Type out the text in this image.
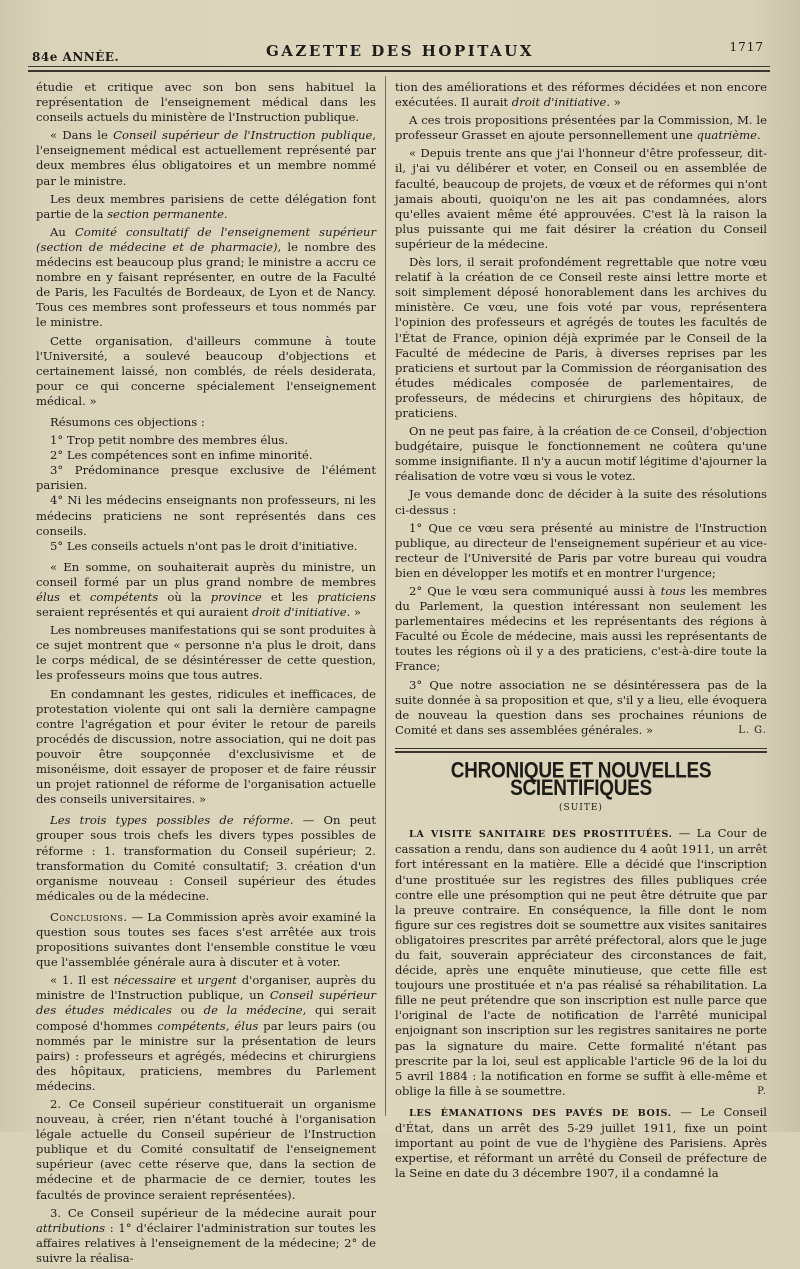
84e ANNÉE.	GAZETTE DES HOPITAUX	1717

étudie et critique avec son bon sens habituel la représentation de l'enseignement médical dans les conseils actuels du ministère de l'Instruction publique.

« Dans le Conseil supérieur de l'Instruction publique, l'enseignement médical est actuellement représenté par deux membres élus obligatoires et un membre nommé par le ministre.

Les deux membres parisiens de cette délégation font partie de la section permanente.

Au Comité consultatif de l'enseignement supérieur (section de médecine et de pharmacie), le nombre des médecins est beaucoup plus grand; le ministre a accru ce nombre en y faisant représenter, en outre de la Faculté de Paris, les Facultés de Bordeaux, de Lyon et de Nancy. Tous ces membres sont professeurs et tous nommés par le ministre.

Cette organisation, d'ailleurs commune à toute l'Université, a soulevé beaucoup d'objections et certainement laissé, non comblés, de réels desiderata, pour ce qui concerne spécialement l'enseignement médical. »

Résumons ces objections :

1° Trop petit nombre des membres élus.

2° Les compétences sont en infime minorité.

3° Prédominance presque exclusive de l'élément parisien.

4° Ni les médecins enseignants non professeurs, ni les médecins praticiens ne sont représentés dans ces conseils.

5° Les conseils actuels n'ont pas le droit d'initiative.

« En somme, on souhaiterait auprès du ministre, un conseil formé par un plus grand nombre de membres élus et compétents où la province et les praticiens seraient représentés et qui auraient droit d'initiative. »

Les nombreuses manifestations qui se sont produites à ce sujet montrent que « personne n'a plus le droit, dans le corps médical, de se désintéresser de cette question, les professeurs moins que tous autres.

En condamnant les gestes, ridicules et inefficaces, de protestation violente qui ont sali la dernière campagne contre l'agrégation et pour éviter le retour de pareils procédés de discussion, notre association, qui ne doit pas pouvoir être soupçonnée d'exclusivisme et de misonéisme, doit essayer de proposer et de faire réussir un projet rationnel de réforme de l'organisation actuelle des conseils universitaires. »

Les trois types possibles de réforme. — On peut grouper sous trois chefs les divers types possibles de réforme : 1. transformation du Conseil supérieur; 2. transformation du Comité consultatif; 3. création d'un organisme nouveau : Conseil supérieur des études médicales ou de la médecine.

Conclusions. — La Commission après avoir examiné la question sous toutes ses faces s'est arrêtée aux trois propositions suivantes dont l'ensemble constitue le vœu que l'assemblée générale aura à discuter et à voter.

« 1. Il est nécessaire et urgent d'organiser, auprès du ministre de l'Instruction publique, un Conseil supérieur des études médicales ou de la médecine, qui serait composé d'hommes compétents, élus par leurs pairs (ou nommés par le ministre sur la présentation de leurs pairs) : professeurs et agrégés, médecins et chirurgiens des hôpitaux, praticiens, membres du Parlement médecins.

2. Ce Conseil supérieur constituerait un organisme nouveau, à créer, rien n'étant touché à l'organisation légale actuelle du Conseil supérieur de l'Instruction publique et du Comité consultatif de l'enseignement supérieur (avec cette réserve que, dans la section de médecine et de pharmacie de ce dernier, toutes les facultés de province seraient représentées).

3. Ce Conseil supérieur de la médecine aurait pour attributions : 1° d'éclairer l'administration sur toutes les affaires relatives à l'enseignement de la médecine; 2° de suivre la réalisa-

tion des améliorations et des réformes décidées et non encore exécutées. Il aurait droit d'initiative. »

A ces trois propositions présentées par la Commission, M. le professeur Grasset en ajoute personnellement une quatrième.

« Depuis trente ans que j'ai l'honneur d'être professeur, dit-il, j'ai vu délibérer et voter, en Conseil ou en assemblée de faculté, beaucoup de projets, de vœux et de réformes qui n'ont jamais abouti, quoiqu'on ne les ait pas condamnées, alors qu'elles avaient même été approuvées. C'est là la raison la plus puissante qui me fait désirer la création du Conseil supérieur de la médecine.

Dès lors, il serait profondément regrettable que notre vœu relatif à la création de ce Conseil reste ainsi lettre morte et soit simplement déposé honorablement dans les archives du ministère. Ce vœu, une fois voté par vous, représentera l'opinion des professeurs et agrégés de toutes les facultés de l'État de France, opinion déjà exprimée par le Conseil de la Faculté de médecine de Paris, à diverses reprises par les praticiens et surtout par la Commission de réorganisation des études médicales composée de parlementaires, de professeurs, de médecins et chirurgiens des hôpitaux, de praticiens.

On ne peut pas faire, à la création de ce Conseil, d'objection budgétaire, puisque le fonctionnement ne coûtera qu'une somme insignifiante. Il n'y a aucun motif légitime d'ajourner la réalisation de votre vœu si vous le votez.

Je vous demande donc de décider à la suite des résolutions ci-dessus :

1° Que ce vœu sera présenté au ministre de l'Instruction publique, au directeur de l'enseignement supérieur et au vice-recteur de l'Université de Paris par votre bureau qui voudra bien en développer les motifs et en montrer l'urgence;

2° Que le vœu sera communiqué aussi à tous les membres du Parlement, la question intéressant non seulement les parlementaires médecins et les représentants des régions à Faculté ou École de médecine, mais aussi les représentants de toutes les régions où il y a des praticiens, c'est-à-dire toute la France;

3° Que notre association ne se désintéressera pas de la suite donnée à sa proposition et que, s'il y a lieu, elle évoquera de nouveau la question dans ses prochaines réunions de Comité et dans ses assemblées générales. »	L. G.

CHRONIQUE ET NOUVELLES SCIENTIFIQUES
(SUITE)

LA VISITE SANITAIRE DES PROSTITUÉES. — La Cour de cassation a rendu, dans son audience du 4 août 1911, un arrêt fort intéressant en la matière. Elle a décidé que l'inscription d'une prostituée sur les registres des filles publiques crée contre elle une présomption qui ne peut être détruite que par la preuve contraire. En conséquence, la fille dont le nom figure sur ces registres doit se soumettre aux visites sanitaires obligatoires prescrites par arrêté préfectoral, alors que le juge du fait, souverain appréciateur des circonstances de fait, décide, après une enquête minutieuse, que cette fille est toujours une prostituée et n'a pas réalisé sa réhabilitation. La fille ne peut prétendre que son inscription est nulle parce que l'original de l'acte de notification de l'arrêté municipal enjoignant son inscription sur les registres sanitaires ne porte pas la signature du maire. Cette formalité n'étant pas prescrite par la loi, seul est applicable l'article 96 de la loi du 5 avril 1884 : la notification en forme se suffit à elle-même et oblige la fille à se soumettre.	P.

LES ÉMANATIONS DES PAVÉS DE BOIS. — Le Conseil d'État, dans un arrêt des 5-29 juillet 1911, fixe un point important au point de vue de l'hygiène des Parisiens. Après expertise, et réformant un arrêté du Conseil de préfecture de la Seine en date du 3 décembre 1907, il a condamné la
